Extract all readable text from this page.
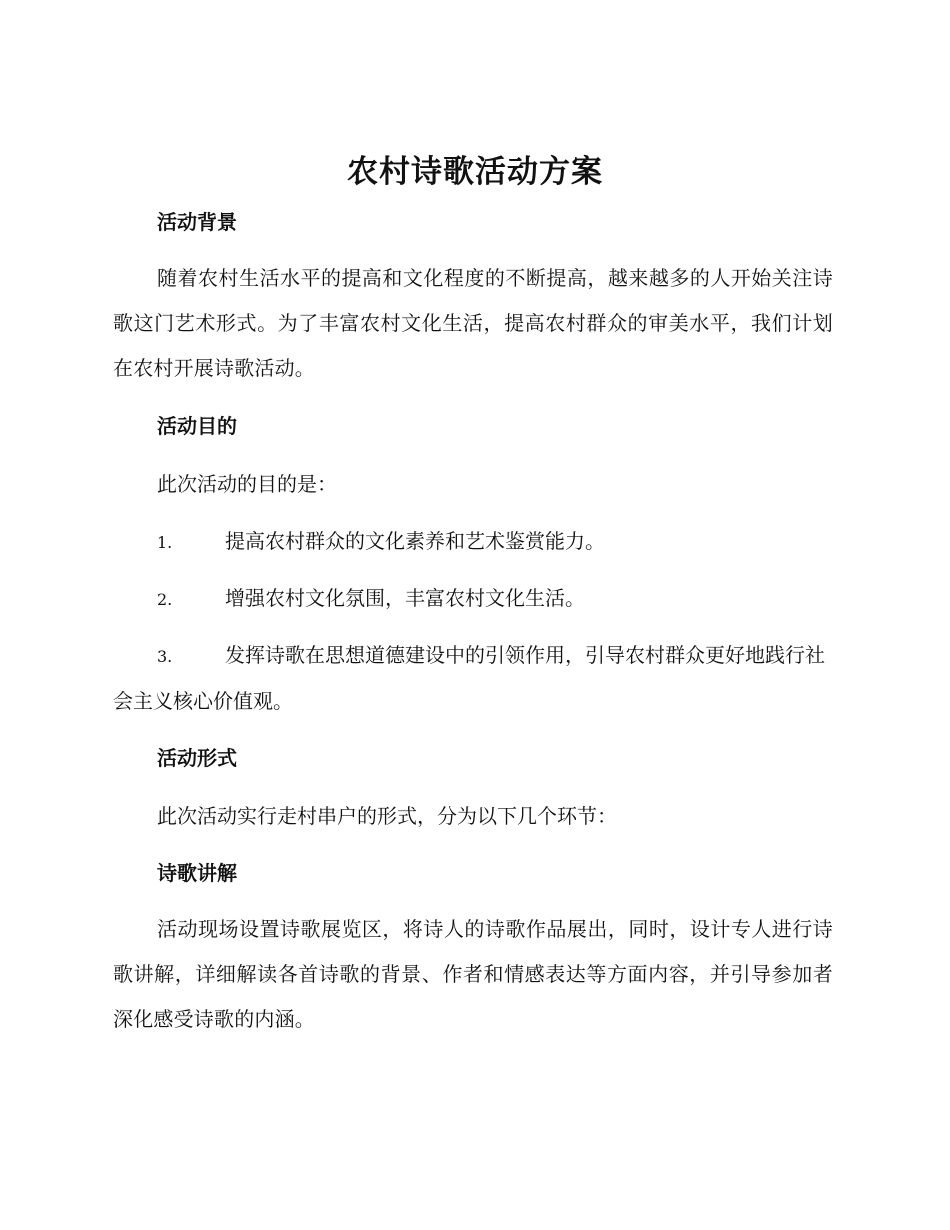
农村诗歌活动方案
活动背景
随着农村生活水平的提高和文化程度的不断提高，越来越多的人开始关注诗歌这门艺术形式。为了丰富农村文化生活，提高农村群众的审美水平，我们计划在农村开展诗歌活动。
活动目的
此次活动的目的是：
1.	提高农村群众的文化素养和艺术鉴赏能力。
2.	增强农村文化氛围，丰富农村文化生活。
3.	发挥诗歌在思想道德建设中的引领作用，引导农村群众更好地践行社会主义核心价值观。
活动形式
此次活动实行走村串户的形式，分为以下几个环节：
诗歌讲解
活动现场设置诗歌展览区，将诗人的诗歌作品展出，同时，设计专人进行诗歌讲解，详细解读各首诗歌的背景、作者和情感表达等方面内容，并引导参加者深化感受诗歌的内涵。
